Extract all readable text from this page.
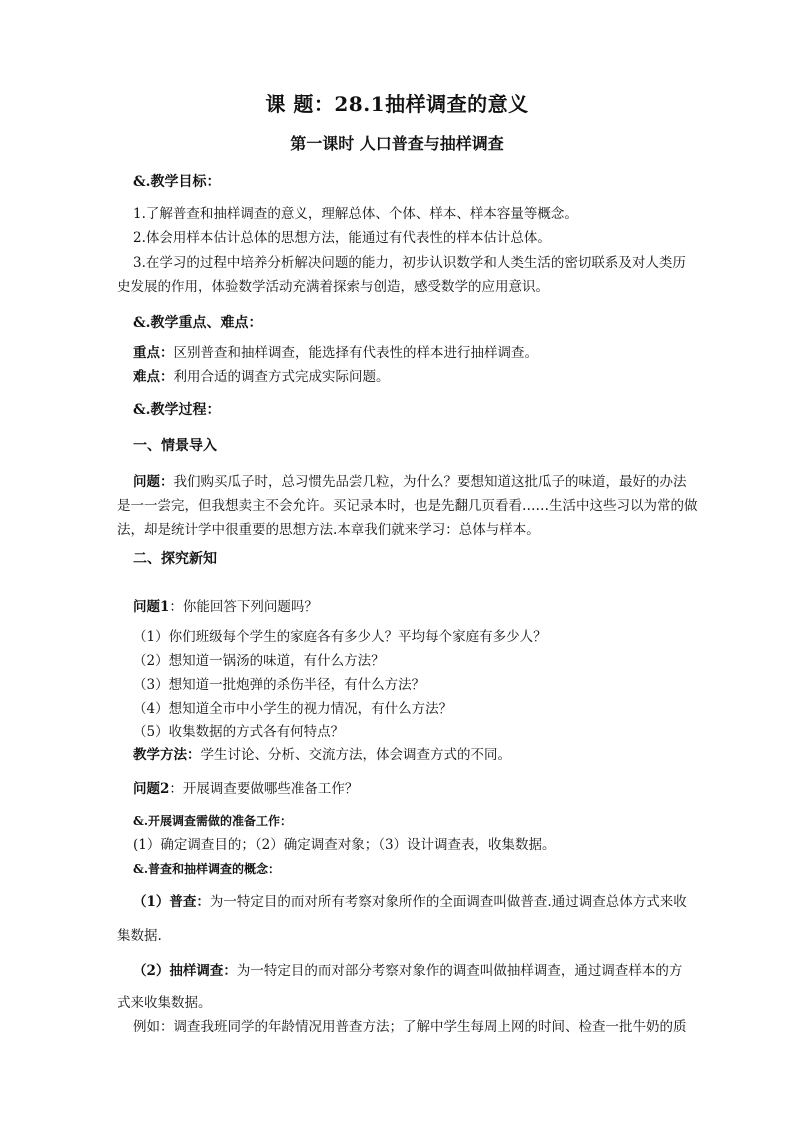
课 题：28.1抽样调查的意义
第一课时 人口普查与抽样调查
&.教学目标：
1.了解普查和抽样调查的意义，理解总体、个体、样本、样本容量等概念。
2.体会用样本估计总体的思想方法，能通过有代表性的样本估计总体。
3.在学习的过程中培养分析解决问题的能力，初步认识数学和人类生活的密切联系及对人类历
史发展的作用，体验数学活动充满着探索与创造，感受数学的应用意识。
&.教学重点、难点：
重点：区别普查和抽样调查，能选择有代表性的样本进行抽样调查。
难点：利用合适的调查方式完成实际问题。
&.教学过程：
一、情景导入
问题：我们购买瓜子时，总习惯先品尝几粒，为什么？要想知道这批瓜子的味道，最好的办法
是一一尝完，但我想卖主不会允许。买记录本时，也是先翻几页看看……生活中这些习以为常的做
法，却是统计学中很重要的思想方法.本章我们就来学习：总体与样本。
二、探究新知
问题1：你能回答下列问题吗？
（1）你们班级每个学生的家庭各有多少人？平均每个家庭有多少人？
（2）想知道一锅汤的味道，有什么方法？
（3）想知道一批炮弹的杀伤半径，有什么方法？
（4）想知道全市中小学生的视力情况，有什么方法？
（5）收集数据的方式各有何特点？
教学方法：学生讨论、分析、交流方法，体会调查方式的不同。
问题2：开展调查要做哪些准备工作？
&.开展调查需做的准备工作：
(1）确定调查目的；（2）确定调查对象；（3）设计调查表，收集数据。
&.普查和抽样调查的概念：
（1）普查：为一特定目的而对所有考察对象所作的全面调查叫做普查.通过调查总体方式来收
集数据.
（2）抽样调查：为一特定目的而对部分考察对象作的调查叫做抽样调查，通过调查样本的方
式来收集数据。
例如：调查我班同学的年龄情况用普查方法；了解中学生每周上网的时间、检查一批牛奶的质
